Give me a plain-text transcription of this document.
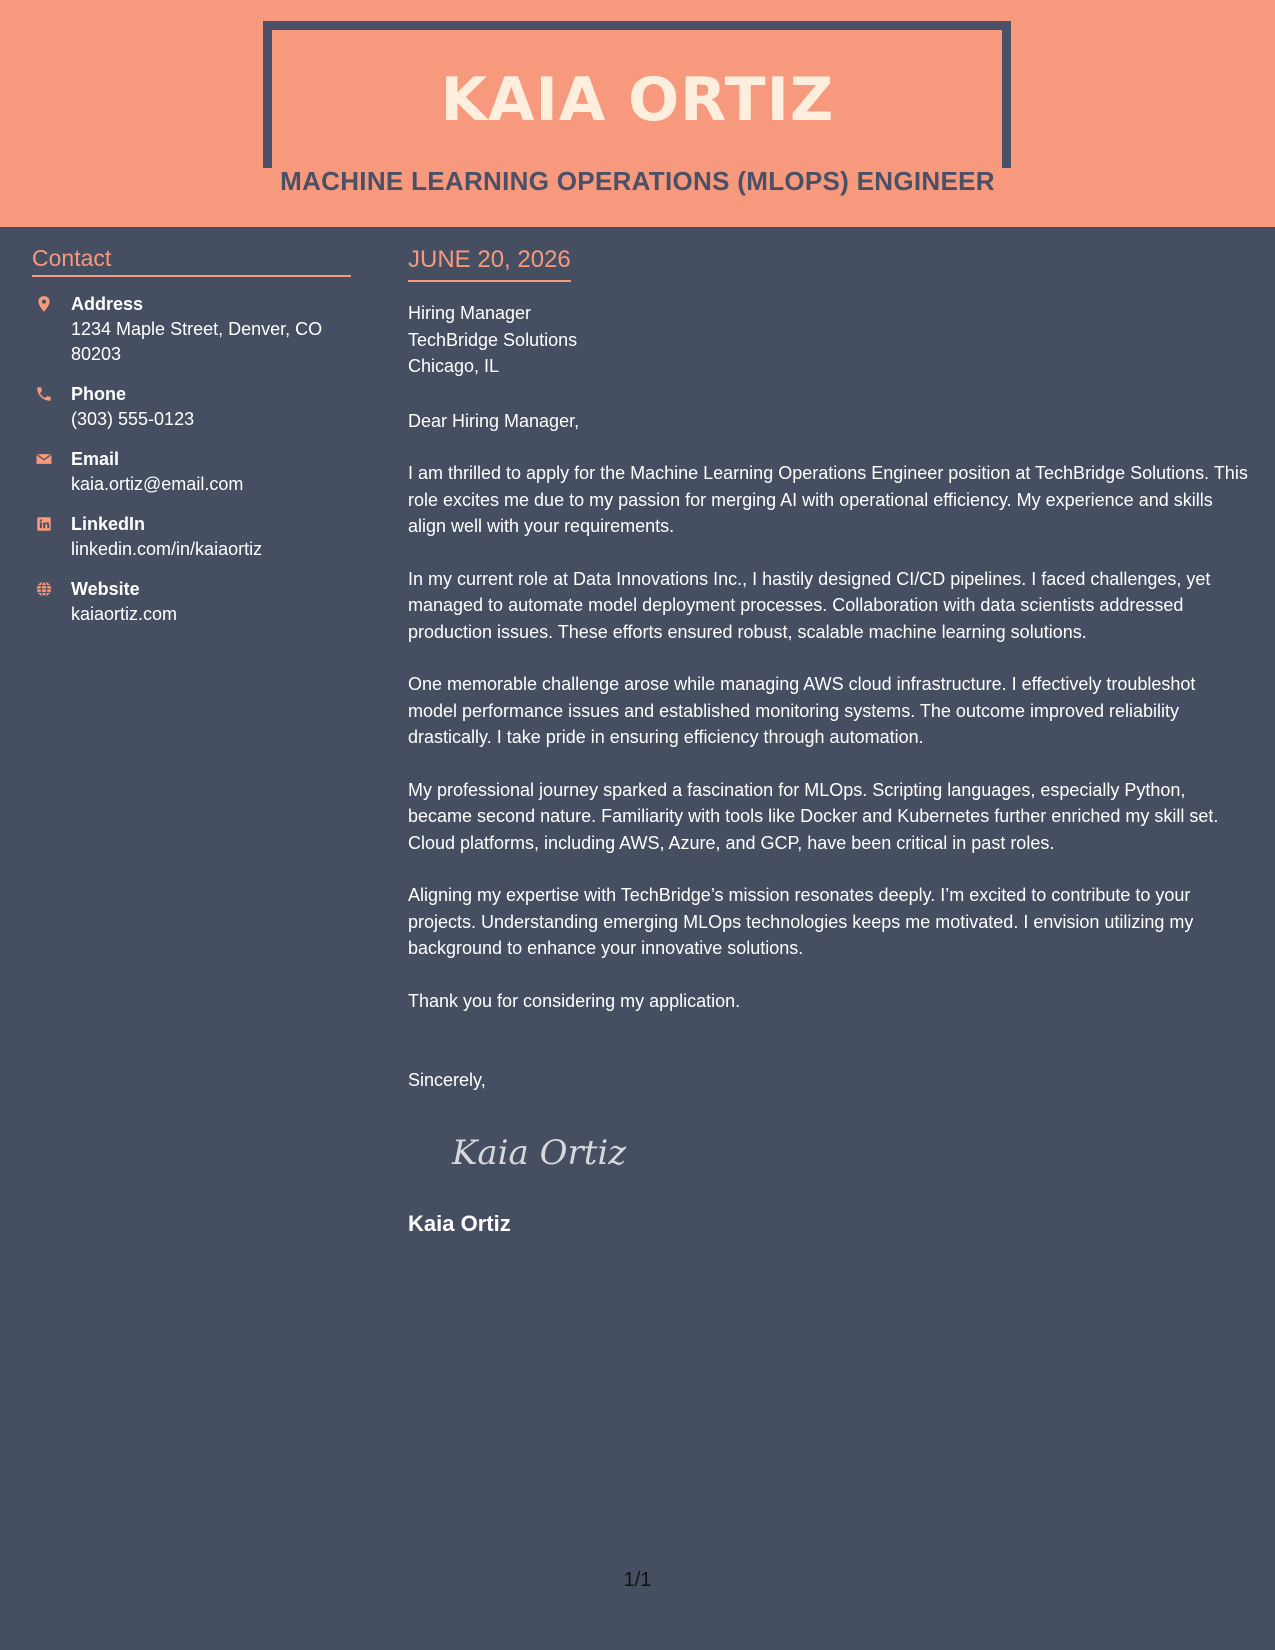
KAIA ORTIZ
MACHINE LEARNING OPERATIONS (MLOPS) ENGINEER
Contact
Address
1234 Maple Street, Denver, CO 80203
Phone
(303) 555-0123
Email
kaia.ortiz@email.com
LinkedIn
linkedin.com/in/kaiaortiz
Website
kaiaortiz.com
JUNE 20, 2026
Hiring Manager
TechBridge Solutions
Chicago, IL
Dear Hiring Manager,
I am thrilled to apply for the Machine Learning Operations Engineer position at TechBridge Solutions. This role excites me due to my passion for merging AI with operational efficiency. My experience and skills align well with your requirements.
In my current role at Data Innovations Inc., I hastily designed CI/CD pipelines. I faced challenges, yet managed to automate model deployment processes. Collaboration with data scientists addressed production issues. These efforts ensured robust, scalable machine learning solutions.
One memorable challenge arose while managing AWS cloud infrastructure. I effectively troubleshot model performance issues and established monitoring systems. The outcome improved reliability drastically. I take pride in ensuring efficiency through automation.
My professional journey sparked a fascination for MLOps. Scripting languages, especially Python, became second nature. Familiarity with tools like Docker and Kubernetes further enriched my skill set. Cloud platforms, including AWS, Azure, and GCP, have been critical in past roles.
Aligning my expertise with TechBridge’s mission resonates deeply. I’m excited to contribute to your projects. Understanding emerging MLOps technologies keeps me motivated. I envision utilizing my background to enhance your innovative solutions.
Thank you for considering my application.
Sincerely,
Kaia Ortiz
Kaia Ortiz
1/1
